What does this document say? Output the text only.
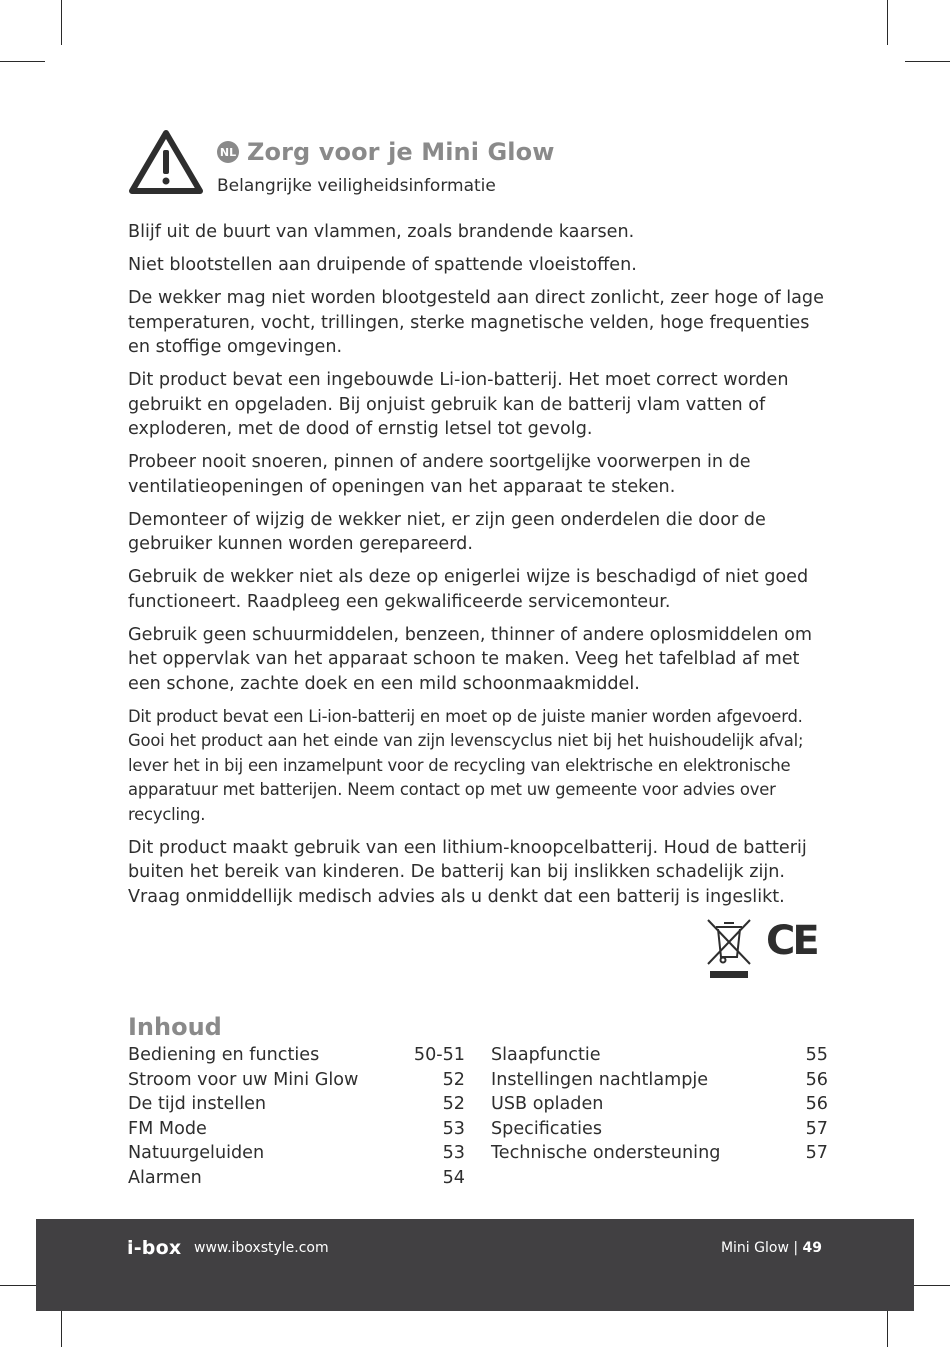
NL Zorg voor je Mini Glow
Belangrijke veiligheidsinformatie

Blijf uit de buurt van vlammen, zoals brandende kaarsen.

Niet blootstellen aan druipende of spattende vloeistoffen.

De wekker mag niet worden blootgesteld aan direct zonlicht, zeer hoge of lage temperaturen, vocht, trillingen, sterke magnetische velden, hoge frequenties en stoffige omgevingen.

Dit product bevat een ingebouwde Li-ion-batterij. Het moet correct worden gebruikt en opgeladen. Bij onjuist gebruik kan de batterij vlam vatten of exploderen, met de dood of ernstig letsel tot gevolg.

Probeer nooit snoeren, pinnen of andere soortgelijke voorwerpen in de ventilatieopeningen of openingen van het apparaat te steken.

Demonteer of wijzig de wekker niet, er zijn geen onderdelen die door de gebruiker kunnen worden gerepareerd.

Gebruik de wekker niet als deze op enigerlei wijze is beschadigd of niet goed functioneert. Raadpleeg een gekwalificeerde servicemonteur.

Gebruik geen schuurmiddelen, benzeen, thinner of andere oplosmiddelen om het oppervlak van het apparaat schoon te maken. Veeg het tafelblad af met een schone, zachte doek en een mild schoonmaakmiddel.

Dit product bevat een Li-ion-batterij en moet op de juiste manier worden afgevoerd. Gooi het product aan het einde van zijn levenscyclus niet bij het huishoudelijk afval; lever het in bij een inzamelpunt voor de recycling van elektrische en elektronische apparatuur met batterijen. Neem contact op met uw gemeente voor advies over recycling.

Dit product maakt gebruik van een lithium-knoopcelbatterij. Houd de batterij buiten het bereik van kinderen. De batterij kan bij inslikken schadelijk zijn. Vraag onmiddellijk medisch advies als u denkt dat een batterij is ingeslikt.

CE
Inhoud
Bediening en functies	50-51
Stroom voor uw Mini Glow	52
De tijd instellen	52
FM Mode	53
Natuurgeluiden	53
Alarmen	54
Slaapfunctie	55
Instellingen nachtlampje	56
USB opladen	56
Specificaties	57
Technische ondersteuning	57
i-box www.iboxstyle.com	Mini Glow | 49
